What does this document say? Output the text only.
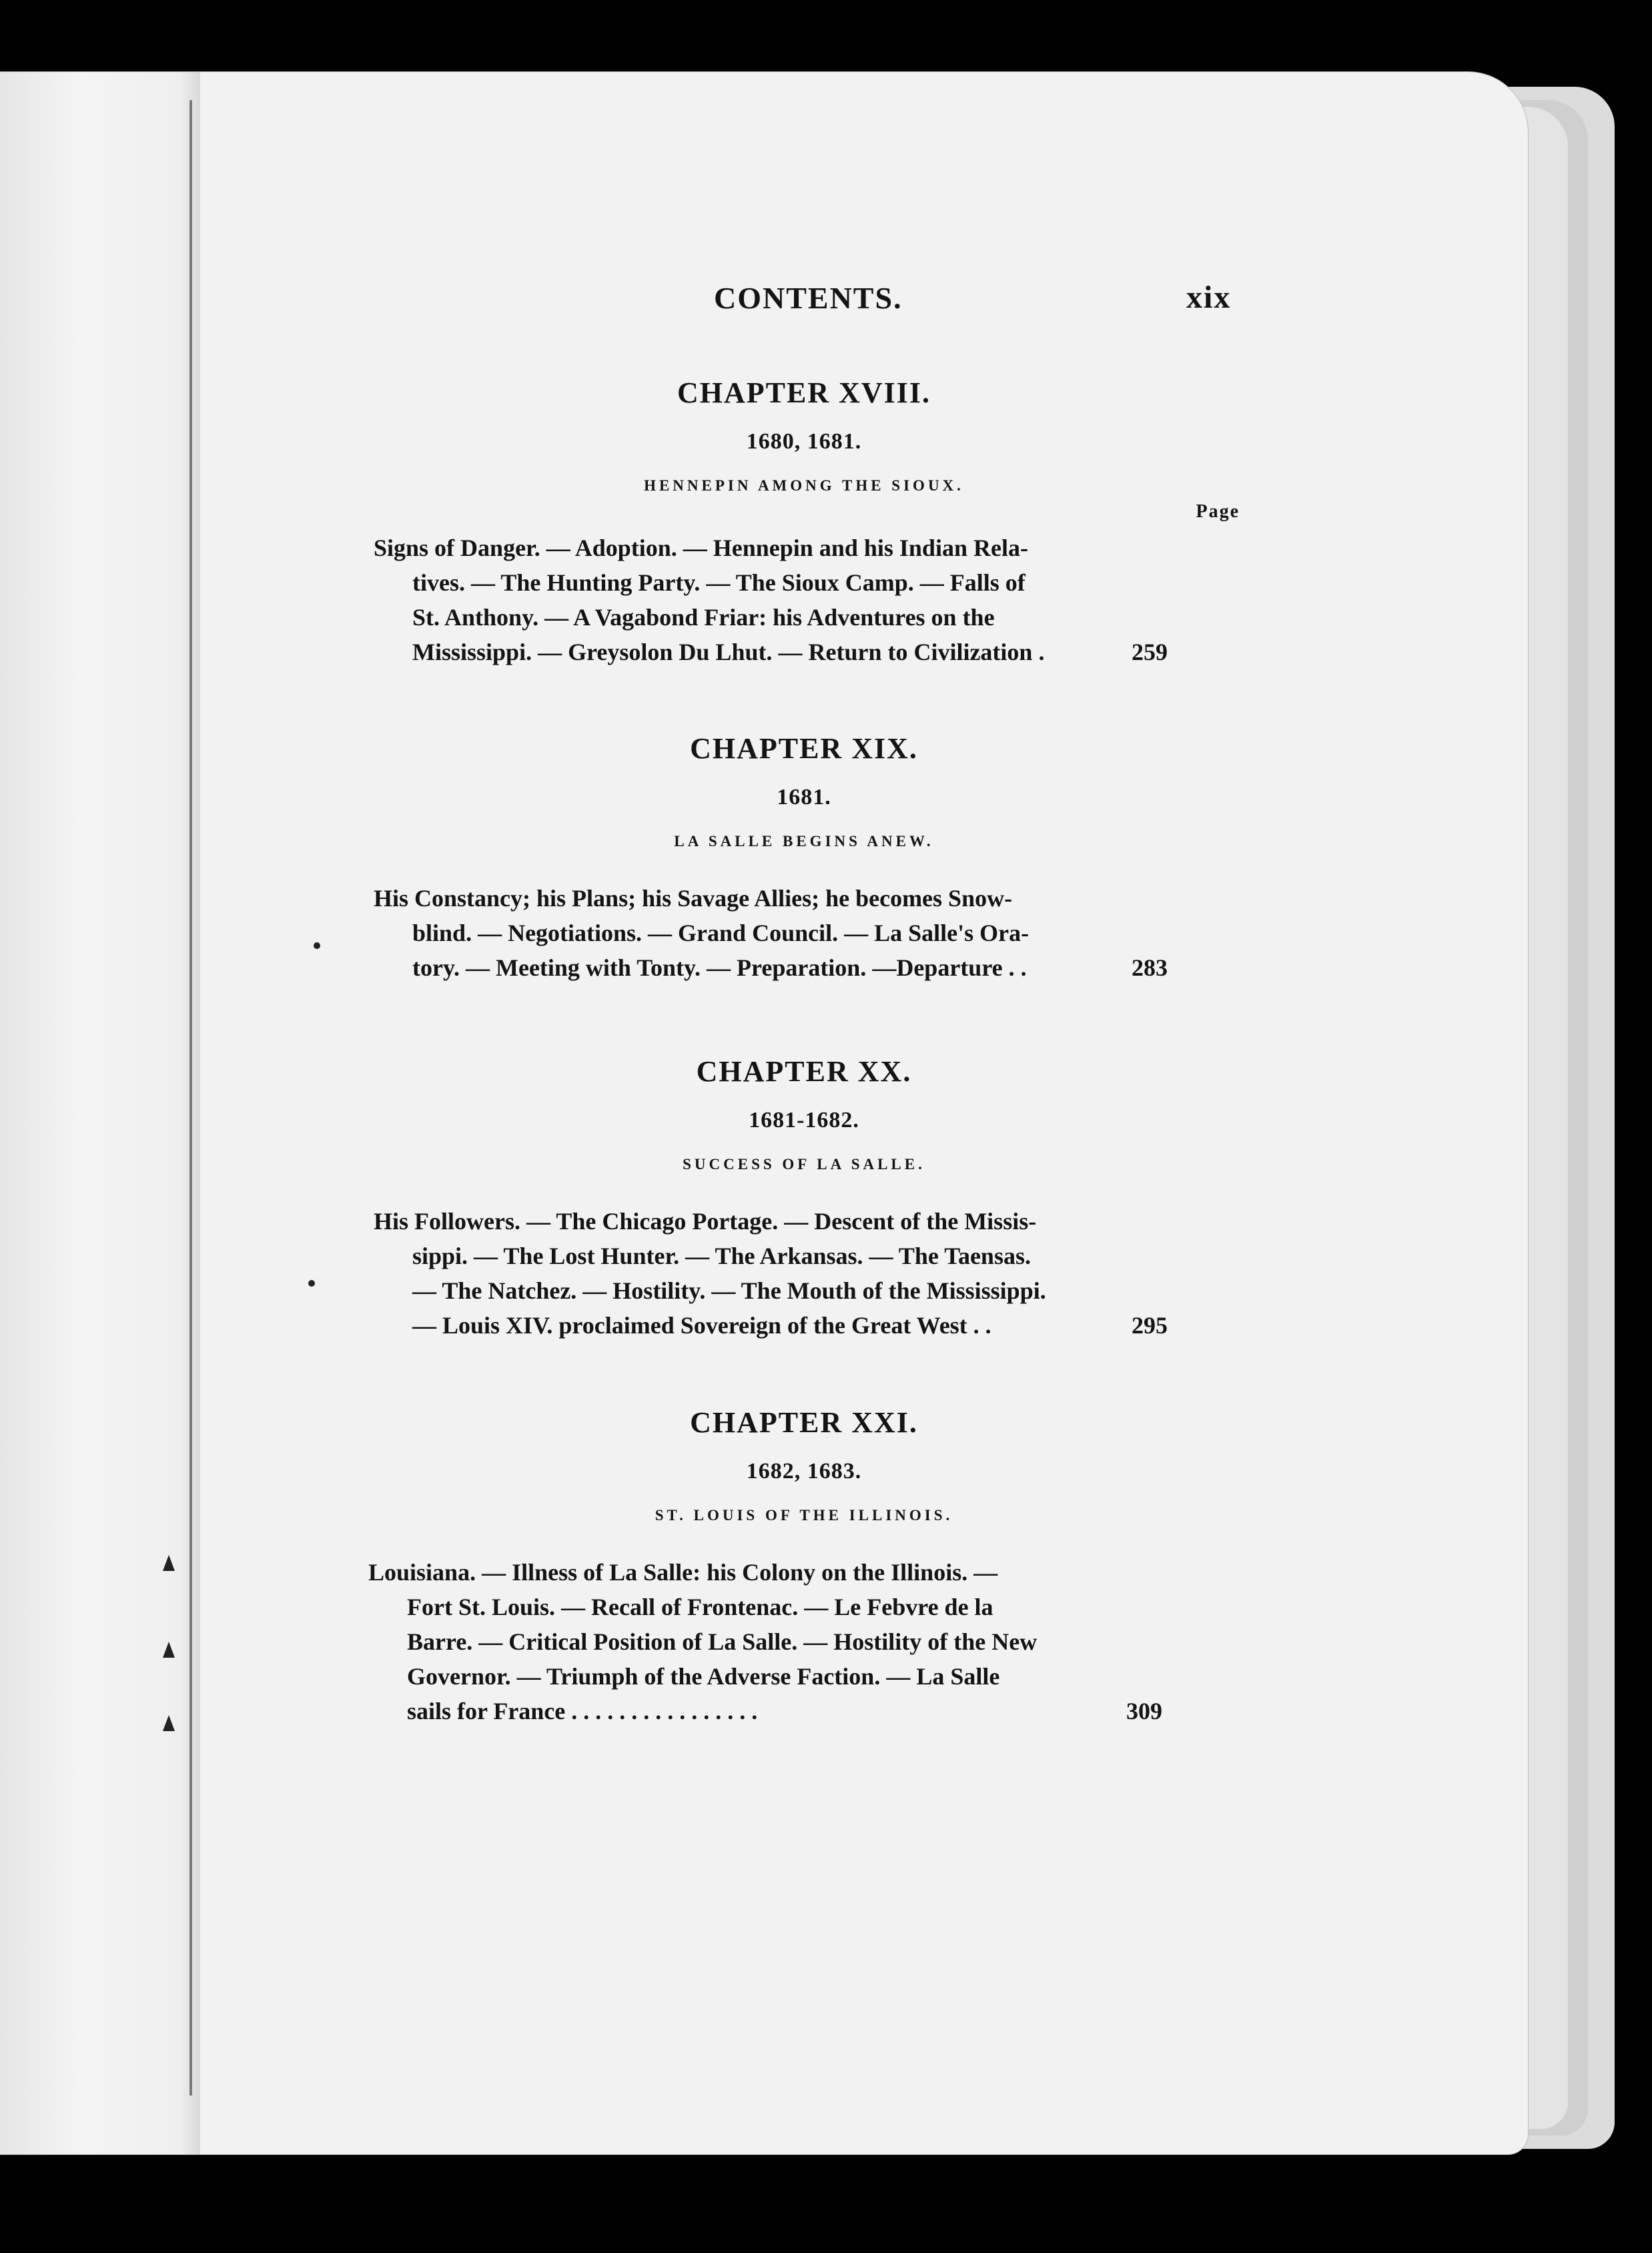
CONTENTS.	xix
CHAPTER XVIII.
1680, 1681.
HENNEPIN AMONG THE SIOUX.
Page
Signs of Danger. — Adoption. — Hennepin and his Indian Rela-
tives. — The Hunting Party. — The Sioux Camp. — Falls of
St. Anthony. — A Vagabond Friar: his Adventures on the
Mississippi. — Greysolon Du Lhut. — Return to Civilization .	259
CHAPTER XIX.
1681.
LA SALLE BEGINS ANEW.
His Constancy; his Plans; his Savage Allies; he becomes Snow-
blind. — Negotiations. — Grand Council. — La Salle's Ora-
tory. — Meeting with Tonty. — Preparation. —Departure . .	283
CHAPTER XX.
1681-1682.
SUCCESS OF LA SALLE.
His Followers. — The Chicago Portage. — Descent of the Missis-
sippi. — The Lost Hunter. — The Arkansas. — The Taensas.
— The Natchez. — Hostility. — The Mouth of the Mississippi.
— Louis XIV. proclaimed Sovereign of the Great West . .	295
CHAPTER XXI.
1682, 1683.
ST. LOUIS OF THE ILLINOIS.
Louisiana. — Illness of La Salle: his Colony on the Illinois. —
Fort St. Louis. — Recall of Frontenac. — Le Febvre de la
Barre. — Critical Position of La Salle. — Hostility of the New
Governor. — Triumph of the Adverse Faction. — La Salle
sails for France . . . . . . . . . . . . . . . .	309
